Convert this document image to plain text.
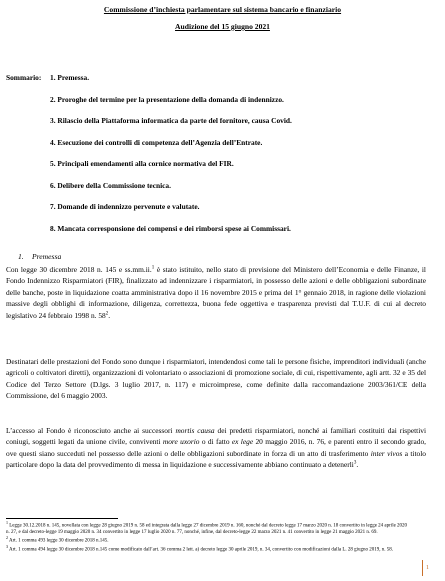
Commissione d’inchiesta parlamentare sul sistema bancario e finanziario
Audizione del 15 giugno 2021
Sommario: 1. Premessa.
2. Proroghe del termine per la presentazione della domanda di indennizzo.
3. Rilascio della Piattaforma informatica da parte del fornitore, causa Covid.
4. Esecuzione dei controlli di competenza dell’Agenzia dell’Entrate.
5. Principali emendamenti alla cornice normativa del FIR.
6. Delibere della Commissione tecnica.
7. Domande di indennizzo pervenute e valutate.
8. Mancata corresponsione dei compensi e dei rimborsi spese ai Commissari.
1. Premessa
Con legge 30 dicembre 2018 n. 145 e ss.mm.ii.$^1$ è stato istituito, nello stato di previsione del Ministero dell’Economia e delle Finanze, il Fondo Indennizzo Risparmiatori (FIR), finalizzato ad indennizzare i risparmiatori, in possesso delle azioni e delle obbligazioni subordinate delle banche, poste in liquidazione coatta amministrativa dopo il 16 novembre 2015 e prima del 1° gennaio 2018, in ragione delle violazioni massive degli obblighi di informazione, diligenza, correttezza, buona fede oggettiva e trasparenza previsti dal T.U.F. di cui al decreto legislativo 24 febbraio 1998 n. $58^2$.
Destinatari delle prestazioni del Fondo sono dunque i risparmiatori, intendendosi come tali le persone fisiche, imprenditori individuali (anche agricoli o coltivatori diretti), organizzazioni di volontariato o associazioni di promozione sociale, di cui, rispettivamente, agli artt. 32 e 35 del Codice del Terzo Settore (D.lgs. 3 luglio 2017, n. 117) e microimprese, come definite dalla raccomandazione 2003/361/CE della Commissione, del 6 maggio 2003.
L’accesso al Fondo è riconosciuto anche ai successori mortis causa dei predetti risparmiatori, nonché ai familiari costituiti dai rispettivi coniugi, soggetti legati da unione civile, conviventi more uxorio o di fatto ex lege 20 maggio 2016, n. 76, e parenti entro il secondo grado, ove questi siano succeduti nel possesso delle azioni o delle obbligazioni subordinate in forza di un atto di trasferimento inter vivos a titolo particolare dopo la data del provvedimento di messa in liquidazione e successivamente abbiano continuato a detenerli$^3$.
$^1$ Legge 30.12.2018 n. 145, novellata con legge 28 giugno 2019 n. 58 ed integrata dalla legge 27 dicembre 2019 n. 160, nonché dal decreto legge 17 marzo 2020 n. 18 convertito in legge 24 aprile 2020 n. 27, e dal decreto-legge 19 maggio 2020 n. 34 convertito in legge 17 luglio 2020 n. 77, nonché, infine, dal decreto-legge 22 marzo 2021 n. 41 convertito in legge 21 maggio 2021 n. 69.
$^2$ Art. 1 comma 493 legge 30 dicembre 2018 n.145.
$^3$ Art. 1 comma 494 legge 30 dicembre 2018 n.145 come modificato dall’art. 36 comma 2 lett. a) decreto legge 30 aprile 2019, n. 34, convertito con modificazioni dalla L. 28 giugno 2019, n. 58.
1
